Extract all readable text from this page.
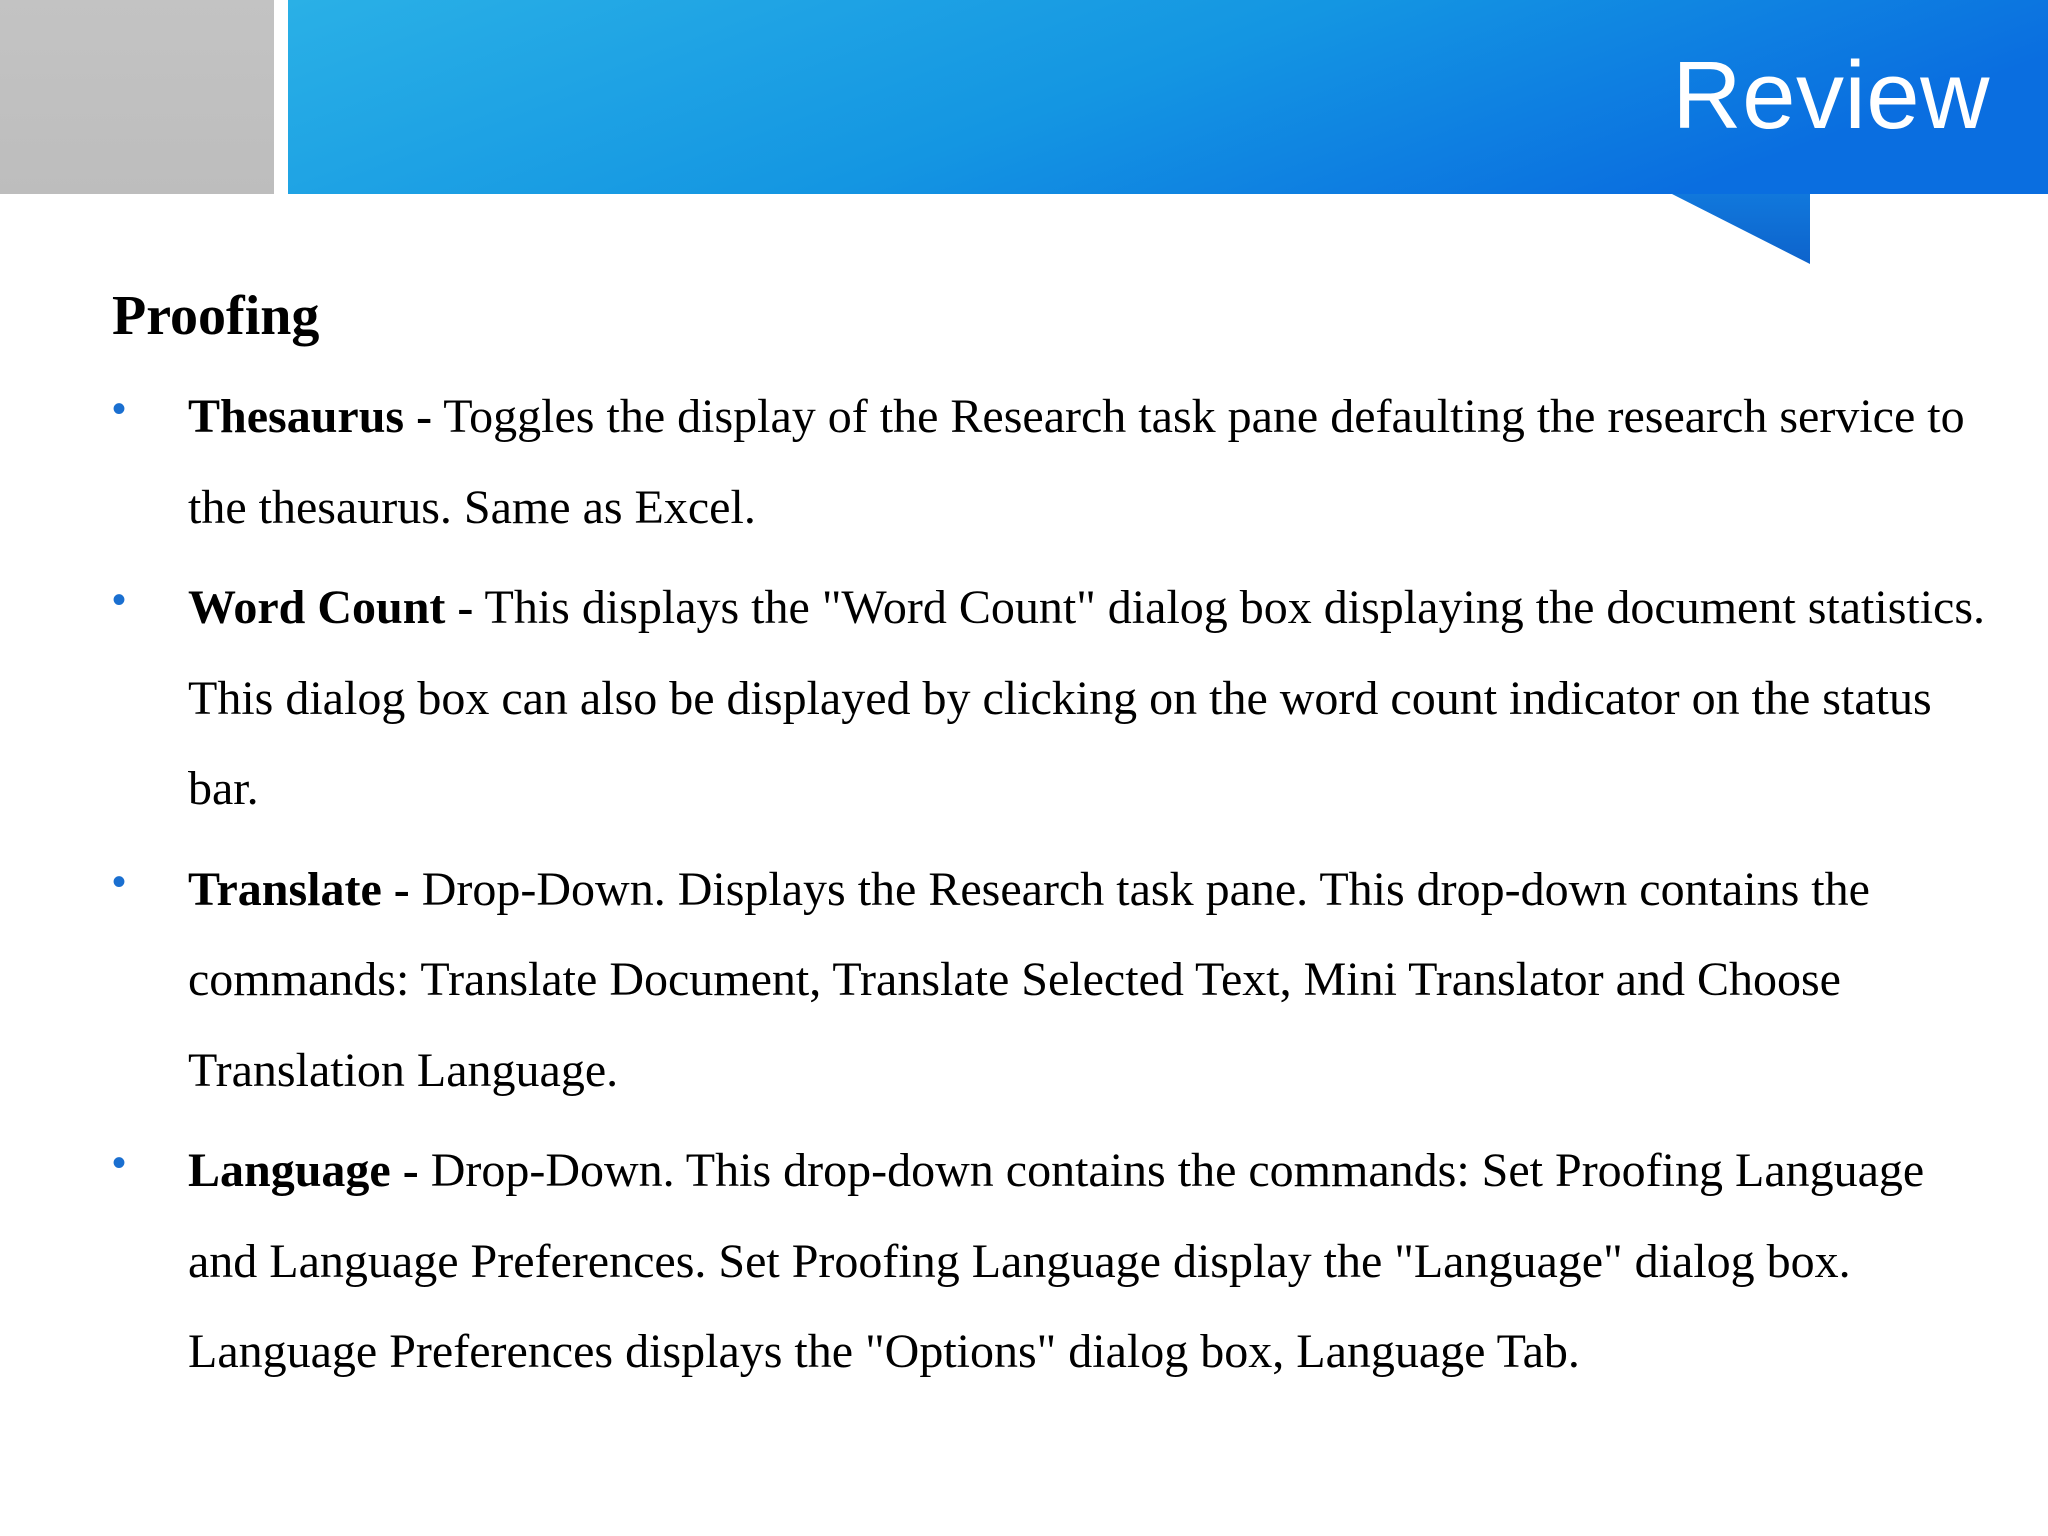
Review
Proofing
• Thesaurus - Toggles the display of the Research task pane defaulting the research service to the thesaurus. Same as Excel.
• Word Count - This displays the "Word Count" dialog box displaying the document statistics. This dialog box can also be displayed by clicking on the word count indicator on the status bar.
• Translate - Drop-Down. Displays the Research task pane. This drop-down contains the commands: Translate Document, Translate Selected Text, Mini Translator and Choose Translation Language.
• Language - Drop-Down. This drop-down contains the commands: Set Proofing Language and Language Preferences. Set Proofing Language display the "Language" dialog box. Language Preferences displays the "Options" dialog box, Language Tab.
